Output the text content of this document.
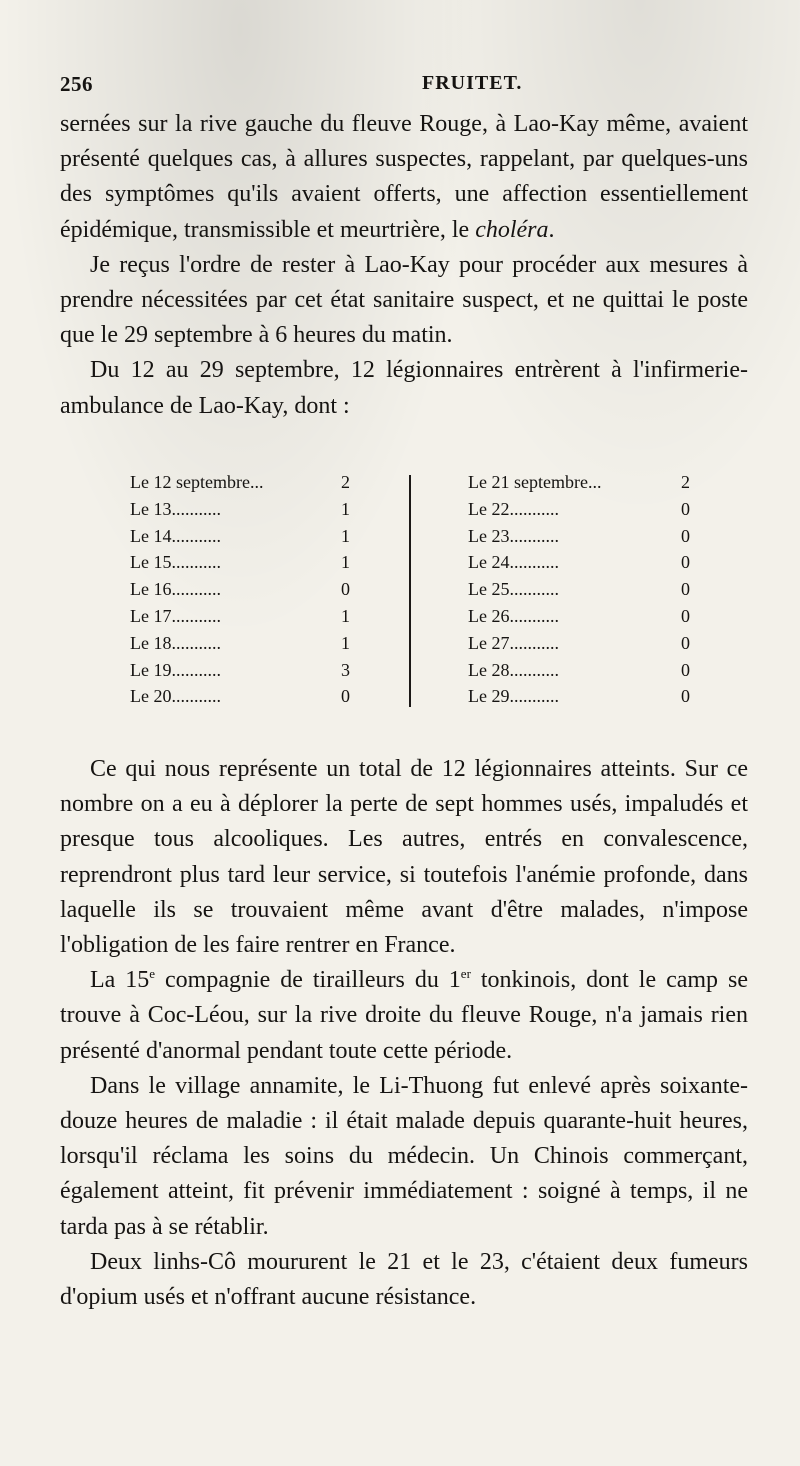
256	FRUITET.

sernées sur la rive gauche du fleuve Rouge, à Lao-Kay même, avaient présenté quelques cas, à allures suspectes, rappelant, par quelques-uns des symptômes qu'ils avaient offerts, une affection essentiellement épidémique, transmissible et meurtrière, le choléra.

Je reçus l'ordre de rester à Lao-Kay pour procéder aux mesures à prendre nécessitées par cet état sanitaire suspect, et ne quittai le poste que le 29 septembre à 6 heures du matin.

Du 12 au 29 septembre, 12 légionnaires entrèrent à l'infirmerie-ambulance de Lao-Kay, dont :

Le 12 septembre...	2
Le 13...........	1
Le 14...........	1
Le 15...........	1
Le 16...........	0
Le 17...........	1
Le 18...........	1
Le 19...........	3
Le 20...........	0
Le 21 septembre...	2
Le 22...........	0
Le 23...........	0
Le 24...........	0
Le 25...........	0
Le 26...........	0
Le 27...........	0
Le 28...........	0
Le 29...........	0

Ce qui nous représente un total de 12 légionnaires atteints. Sur ce nombre on a eu à déplorer la perte de sept hommes usés, impaludés et presque tous alcooliques. Les autres, entrés en convalescence, reprendront plus tard leur service, si toutefois l'anémie profonde, dans laquelle ils se trouvaient même avant d'être malades, n'impose l'obligation de les faire rentrer en France.

La 15e compagnie de tirailleurs du 1er tonkinois, dont le camp se trouve à Coc-Léou, sur la rive droite du fleuve Rouge, n'a jamais rien présenté d'anormal pendant toute cette période.

Dans le village annamite, le Li-Thuong fut enlevé après soixante-douze heures de maladie : il était malade depuis quarante-huit heures, lorsqu'il réclama les soins du médecin. Un Chinois commerçant, également atteint, fit prévenir immédiatement : soigné à temps, il ne tarda pas à se rétablir.

Deux linhs-Cô moururent le 21 et le 23, c'étaient deux fumeurs d'opium usés et n'offrant aucune résistance.
